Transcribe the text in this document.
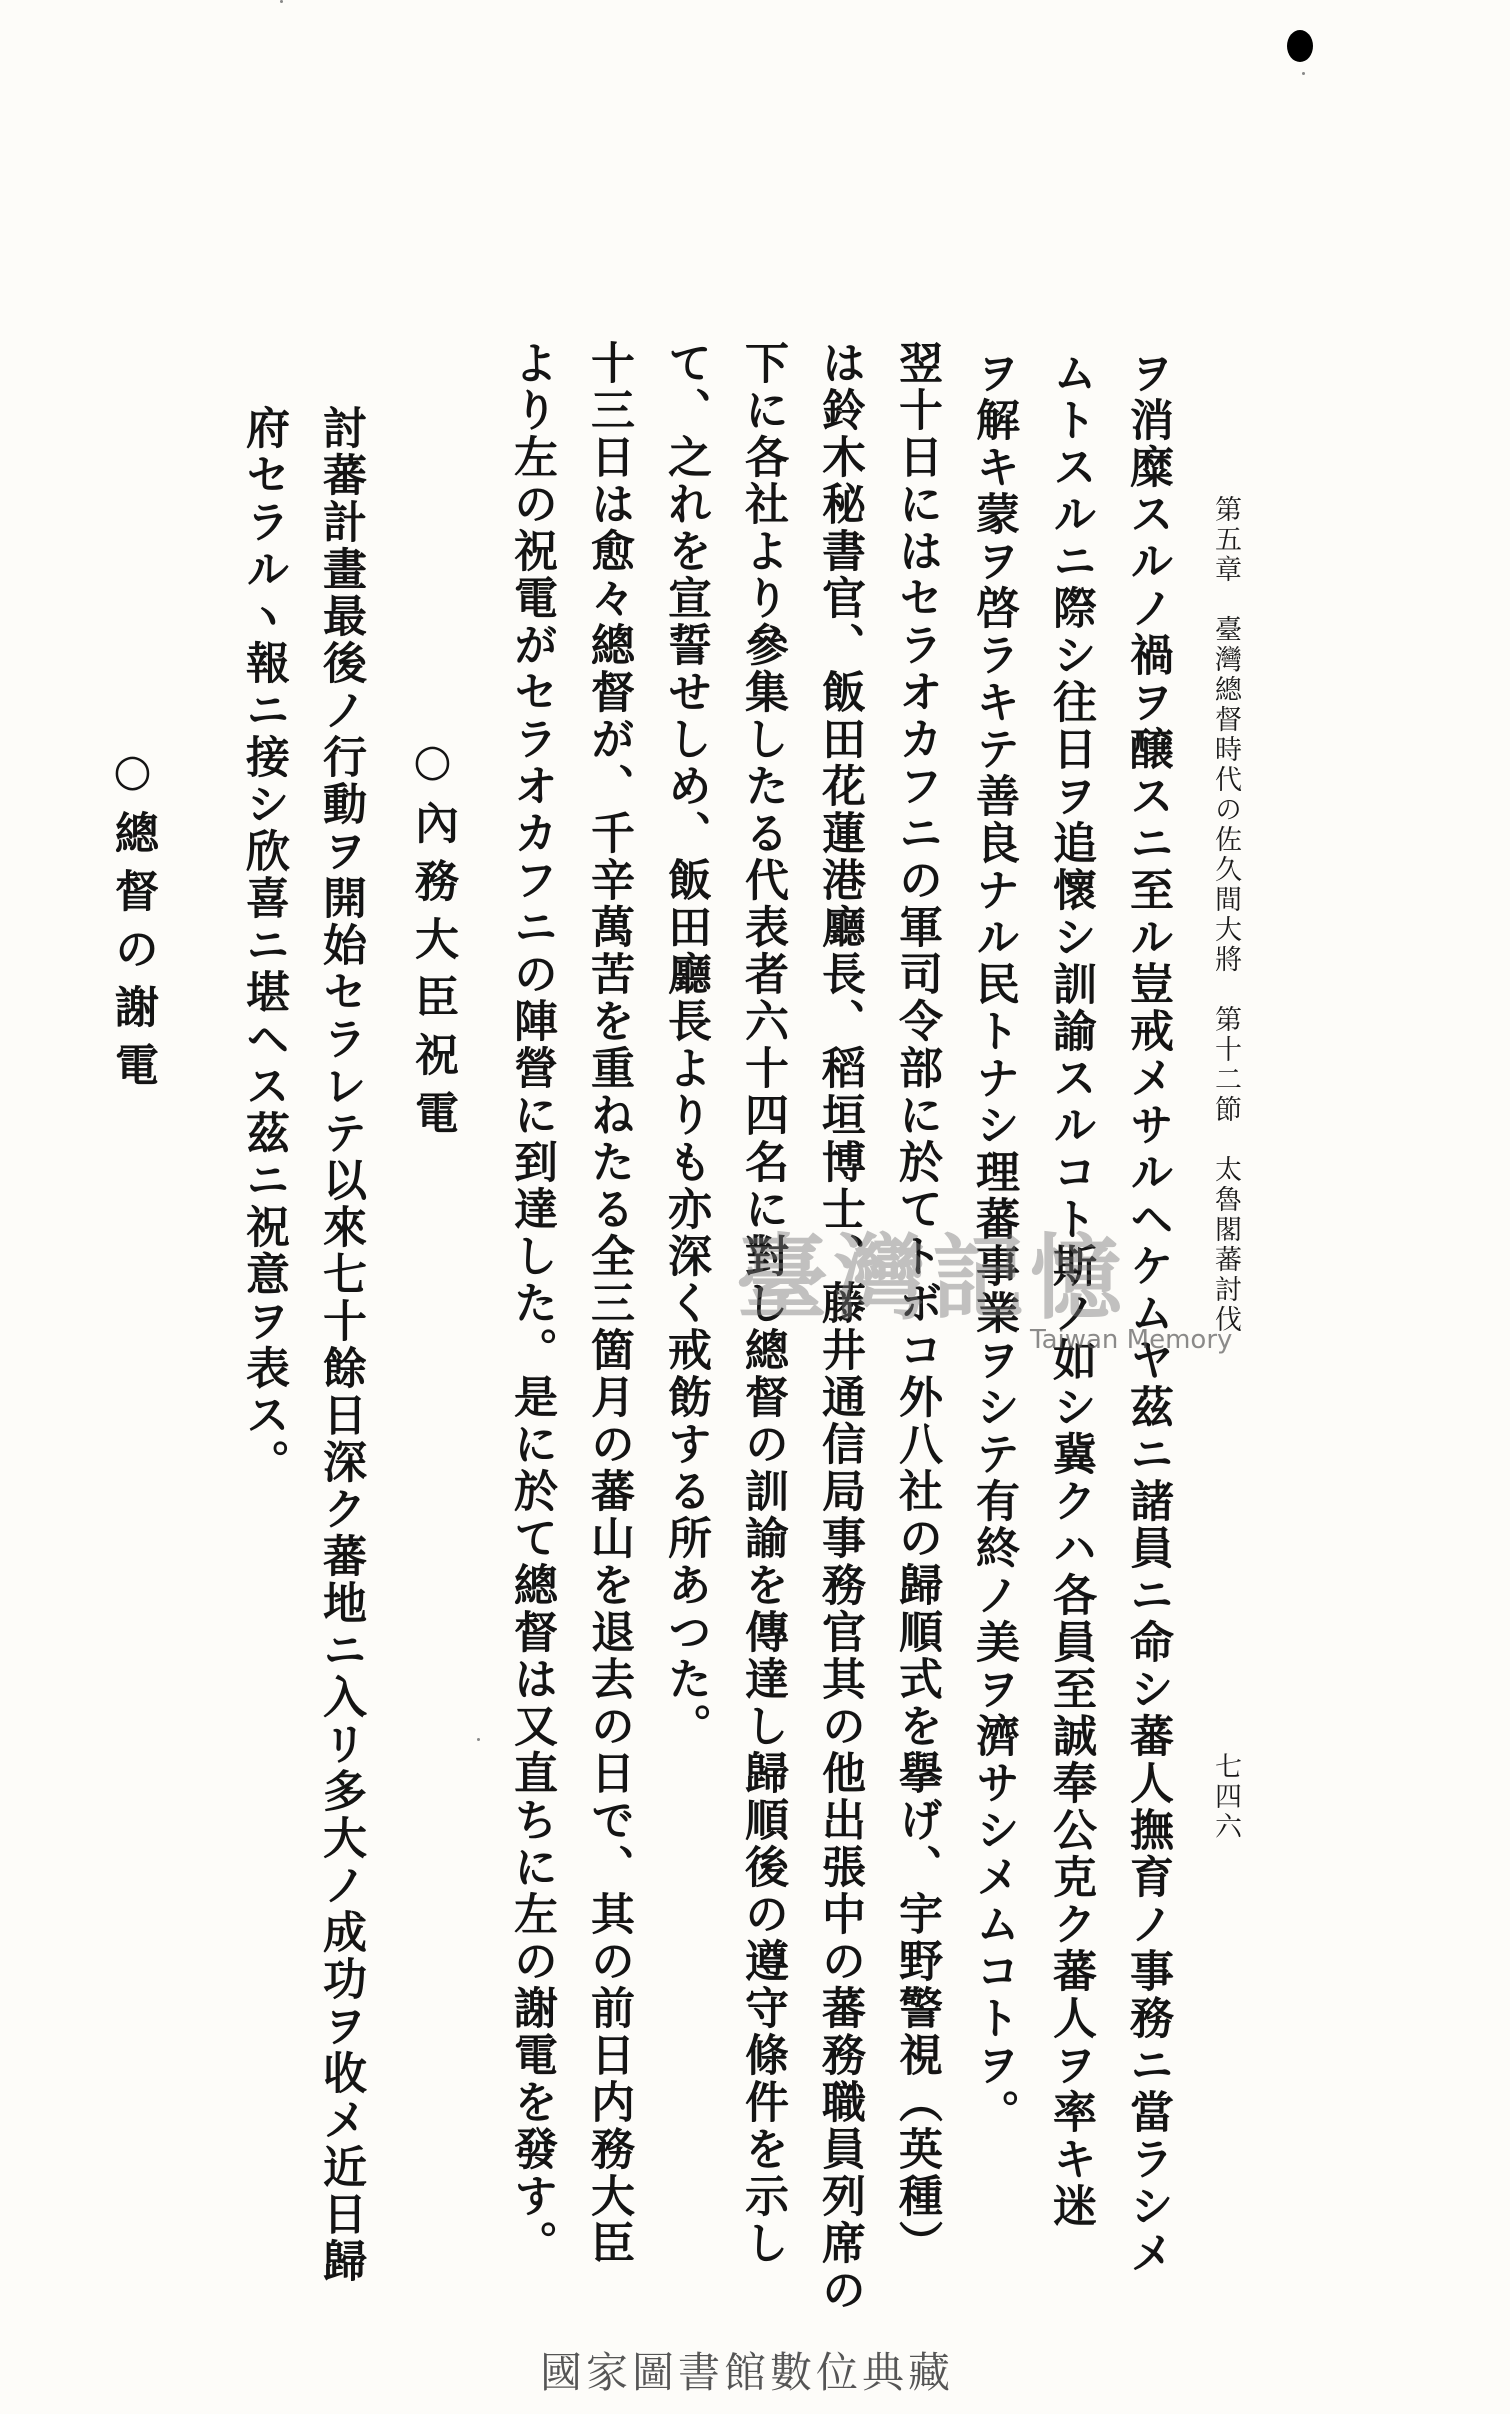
第五章　臺灣總督時代の佐久間大將　第十二節　太魯閣蕃討伐
七四六
ヲ消糜スルノ禍ヲ醸スニ至ル豈戒メサルヘケムヤ茲ニ諸員ニ命シ蕃人撫育ノ事務ニ當ラシメ
ムトスルニ際シ往日ヲ追懷シ訓諭スルコト斯ノ如シ冀クハ各員至誠奉公克ク蕃人ヲ率キ迷
ヲ解キ蒙ヲ啓ラキテ善良ナル民トナシ理蕃事業ヲシテ有終ノ美ヲ濟サシメムコトヲ。
翌十日にはセラオカフニの軍司令部に於てトボコ外八社の歸順式を擧げ、宇野警視（英種）
は鈴木秘書官、飯田花蓮港廳長、稻垣博士、藤井通信局事務官其の他出張中の蕃務職員列席の
下に各社より參集したる代表者六十四名に對し總督の訓諭を傳達し歸順後の遵守條件を示し
て、之れを宣誓せしめ、飯田廳長よりも亦深く戒飭する所あつた。
十三日は愈々總督が、千辛萬苦を重ねたる全三箇月の蕃山を退去の日で、其の前日内務大臣
より左の祝電がセラオカフニの陣營に到達した。是に於て總督は又直ちに左の謝電を發す。
○內務大臣祝電
討蕃計畫最後ノ行動ヲ開始セラレテ以來七十餘日深ク蕃地ニ入リ多大ノ成功ヲ收メ近日歸
府セラルヽ報ニ接シ欣喜ニ堪ヘス茲ニ祝意ヲ表ス。
○總督の謝電
臺灣記憶
Taiwan Memory
國家圖書館數位典藏
